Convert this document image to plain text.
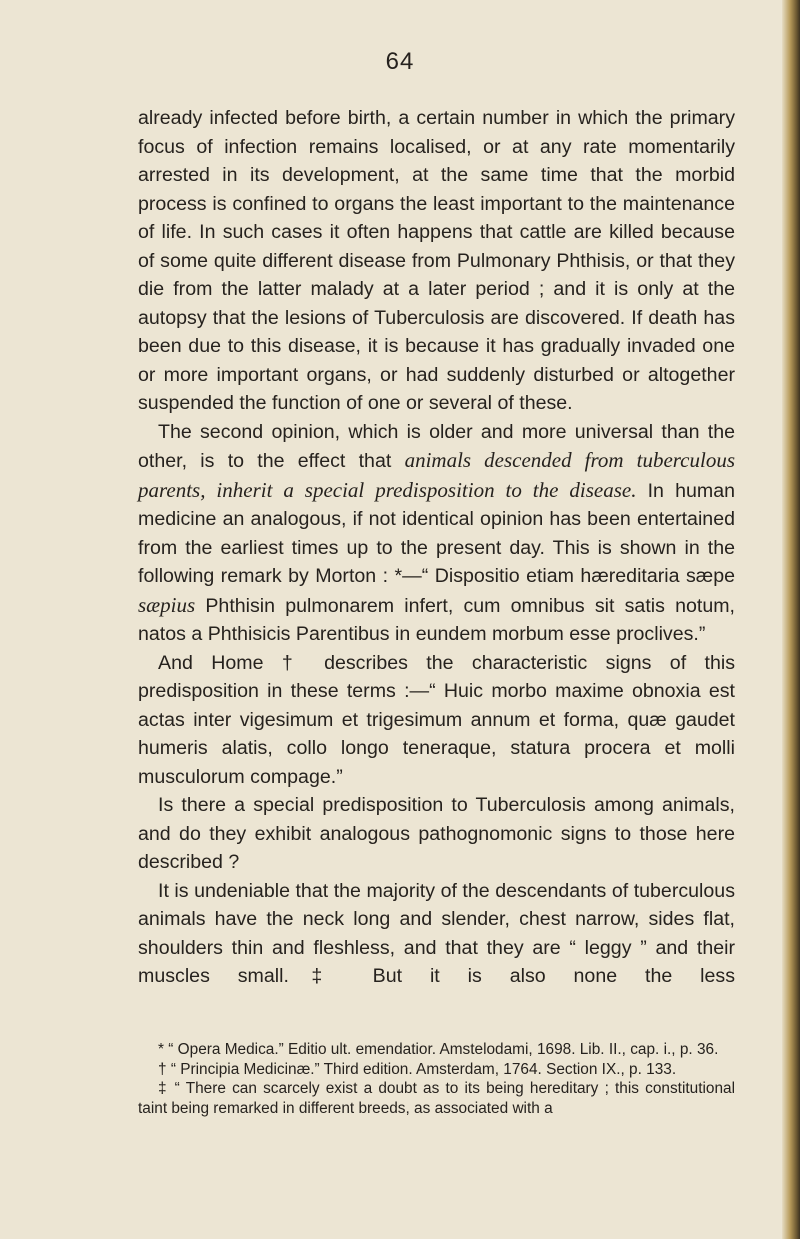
64

already infected before birth, a certain number in which the primary focus of infection remains localised, or at any rate momentarily arrested in its development, at the same time that the morbid process is confined to organs the least important to the maintenance of life. In such cases it often happens that cattle are killed because of some quite different disease from Pulmonary Phthisis, or that they die from the latter malady at a later period ; and it is only at the autopsy that the lesions of Tuberculosis are discovered. If death has been due to this disease, it is because it has gradually invaded one or more important organs, or had suddenly disturbed or altogether suspended the function of one or several of these.

The second opinion, which is older and more universal than the other, is to the effect that animals descended from tuberculous parents, inherit a special predisposition to the disease. In human medicine an analogous, if not identical opinion has been entertained from the earliest times up to the present day. This is shown in the following remark by Morton : *—“ Dispositio etiam hæreditaria sæpe sæpius Phthisin pulmonarem infert, cum omnibus sit satis notum, natos a Phthisicis Parentibus in eundem morbum esse proclives.”

And Home † describes the characteristic signs of this predisposition in these terms :—“ Huic morbo maxime obnoxia est actas inter vigesimum et trigesimum annum et forma, quæ gaudet humeris alatis, collo longo teneraque, statura procera et molli musculorum compage.”

Is there a special predisposition to Tuberculosis among animals, and do they exhibit analogous pathognomonic signs to those here described ?

It is undeniable that the majority of the descendants of tuberculous animals have the neck long and slender, chest narrow, sides flat, shoulders thin and fleshless, and that they are “ leggy ” and their muscles small.‡ But it is also none the less

* “ Opera Medica.” Editio ult. emendatior. Amstelodami, 1698. Lib. II., cap. i., p. 36.

† “ Principia Medicinæ.” Third edition. Amsterdam, 1764. Section IX., p. 133.

‡ “ There can scarcely exist a doubt as to its being hereditary ; this constitutional taint being remarked in different breeds, as associated with a
